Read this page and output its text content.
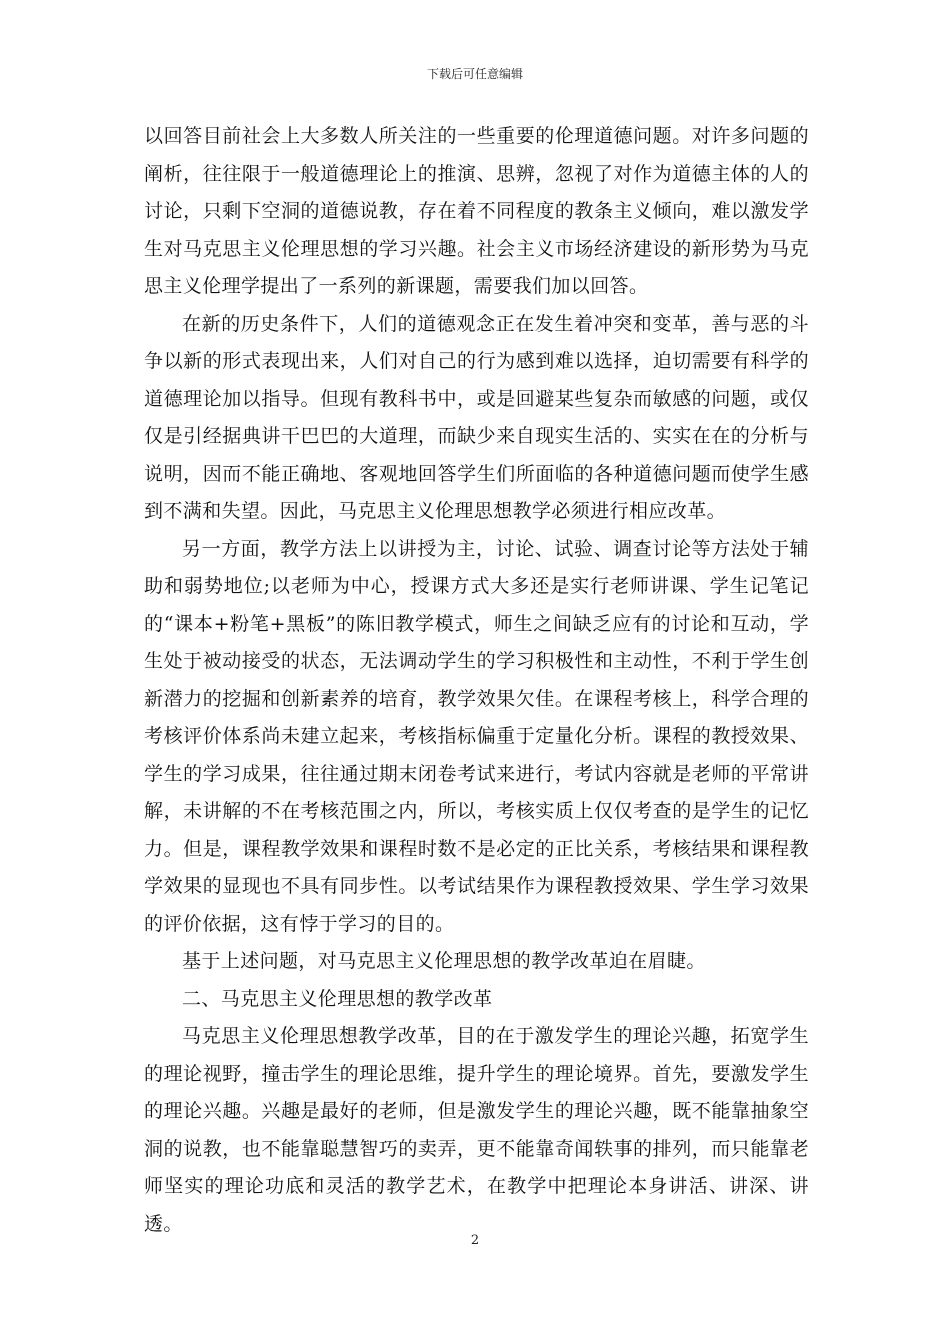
下载后可任意编辑

以回答目前社会上大多数人所关注的一些重要的伦理道德问题。对许多问题的阐析，往往限于一般道德理论上的推演、思辨，忽视了对作为道德主体的人的讨论，只剩下空洞的道德说教，存在着不同程度的教条主义倾向，难以激发学生对马克思主义伦理思想的学习兴趣。社会主义市场经济建设的新形势为马克思主义伦理学提出了一系列的新课题，需要我们加以回答。

在新的历史条件下，人们的道德观念正在发生着冲突和变革，善与恶的斗争以新的形式表现出来，人们对自己的行为感到难以选择，迫切需要有科学的道德理论加以指导。但现有教科书中，或是回避某些复杂而敏感的问题，或仅仅是引经据典讲干巴巴的大道理，而缺少来自现实生活的、实实在在的分析与说明，因而不能正确地、客观地回答学生们所面临的各种道德问题而使学生感到不满和失望。因此，马克思主义伦理思想教学必须进行相应改革。

另一方面，教学方法上以讲授为主，讨论、试验、调查讨论等方法处于辅助和弱势地位;以老师为中心，授课方式大多还是实行老师讲课、学生记笔记的“课本+粉笔+黑板”的陈旧教学模式，师生之间缺乏应有的讨论和互动，学生处于被动接受的状态，无法调动学生的学习积极性和主动性，不利于学生创新潜力的挖掘和创新素养的培育，教学效果欠佳。在课程考核上，科学合理的考核评价体系尚未建立起来，考核指标偏重于定量化分析。课程的教授效果、学生的学习成果，往往通过期末闭卷考试来进行，考试内容就是老师的平常讲解，未讲解的不在考核范围之内，所以，考核实质上仅仅考查的是学生的记忆力。但是，课程教学效果和课程时数不是必定的正比关系，考核结果和课程教学效果的显现也不具有同步性。以考试结果作为课程教授效果、学生学习效果的评价依据，这有悖于学习的目的。

基于上述问题，对马克思主义伦理思想的教学改革迫在眉睫。

二、马克思主义伦理思想的教学改革

马克思主义伦理思想教学改革，目的在于激发学生的理论兴趣，拓宽学生的理论视野，撞击学生的理论思维，提升学生的理论境界。首先，要激发学生的理论兴趣。兴趣是最好的老师，但是激发学生的理论兴趣，既不能靠抽象空洞的说教，也不能靠聪慧智巧的卖弄，更不能靠奇闻轶事的排列，而只能靠老师坚实的理论功底和灵活的教学艺术，在教学中把理论本身讲活、讲深、讲透。

2
